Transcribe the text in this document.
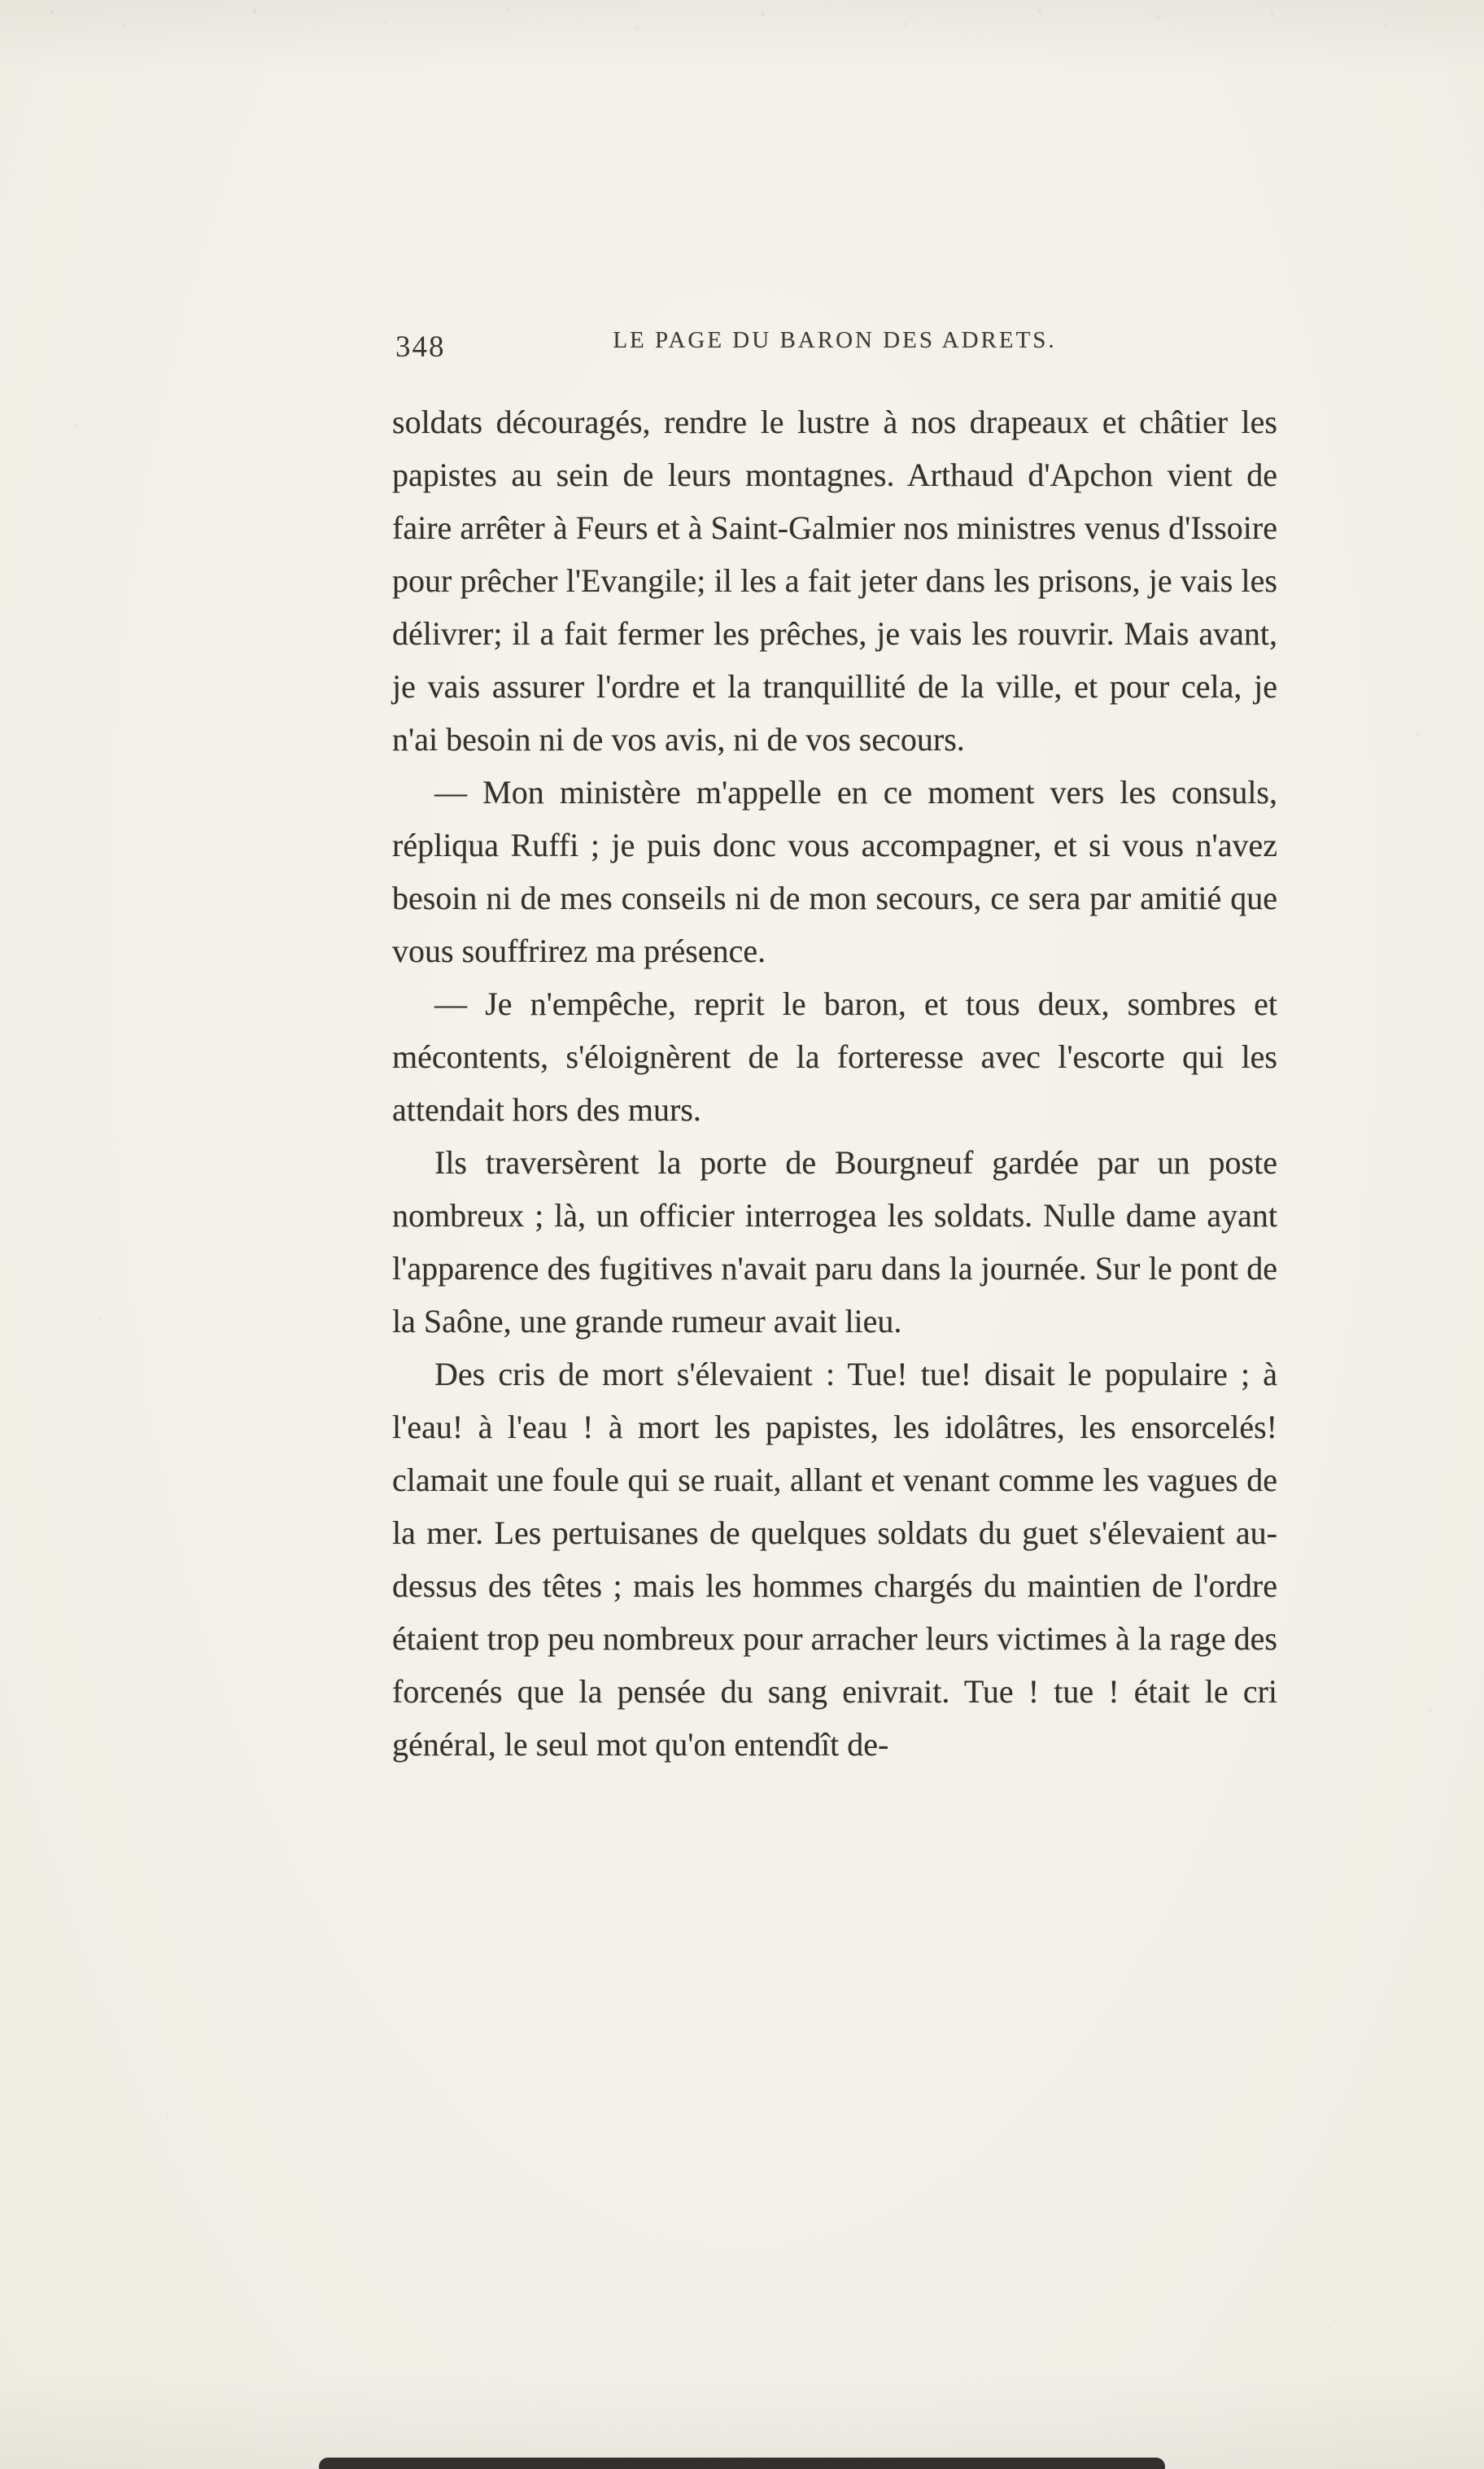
348	LE PAGE DU BARON DES ADRETS.

soldats découragés, rendre le lustre à nos drapeaux et châtier les papistes au sein de leurs montagnes. Arthaud d'Apchon vient de faire arrêter à Feurs et à Saint-Galmier nos ministres venus d'Issoire pour prêcher l'Evangile; il les a fait jeter dans les prisons, je vais les délivrer; il a fait fermer les prêches, je vais les rouvrir. Mais avant, je vais assurer l'ordre et la tranquillité de la ville, et pour cela, je n'ai besoin ni de vos avis, ni de vos secours.

— Mon ministère m'appelle en ce moment vers les consuls, répliqua Ruffi ; je puis donc vous accompagner, et si vous n'avez besoin ni de mes conseils ni de mon secours, ce sera par amitié que vous souffrirez ma présence.

— Je n'empêche, reprit le baron, et tous deux, sombres et mécontents, s'éloignèrent de la forteresse avec l'escorte qui les attendait hors des murs.

Ils traversèrent la porte de Bourgneuf gardée par un poste nombreux ; là, un officier interrogea les soldats. Nulle dame ayant l'apparence des fugitives n'avait paru dans la journée. Sur le pont de la Saône, une grande rumeur avait lieu.

Des cris de mort s'élevaient : Tue! tue! disait le populaire ; à l'eau! à l'eau ! à mort les papistes, les idolâtres, les ensorcelés! clamait une foule qui se ruait, allant et venant comme les vagues de la mer. Les pertuisanes de quelques soldats du guet s'élevaient au-dessus des têtes ; mais les hommes chargés du maintien de l'ordre étaient trop peu nombreux pour arracher leurs victimes à la rage des forcenés que la pensée du sang enivrait. Tue ! tue ! était le cri général, le seul mot qu'on entendît de-
